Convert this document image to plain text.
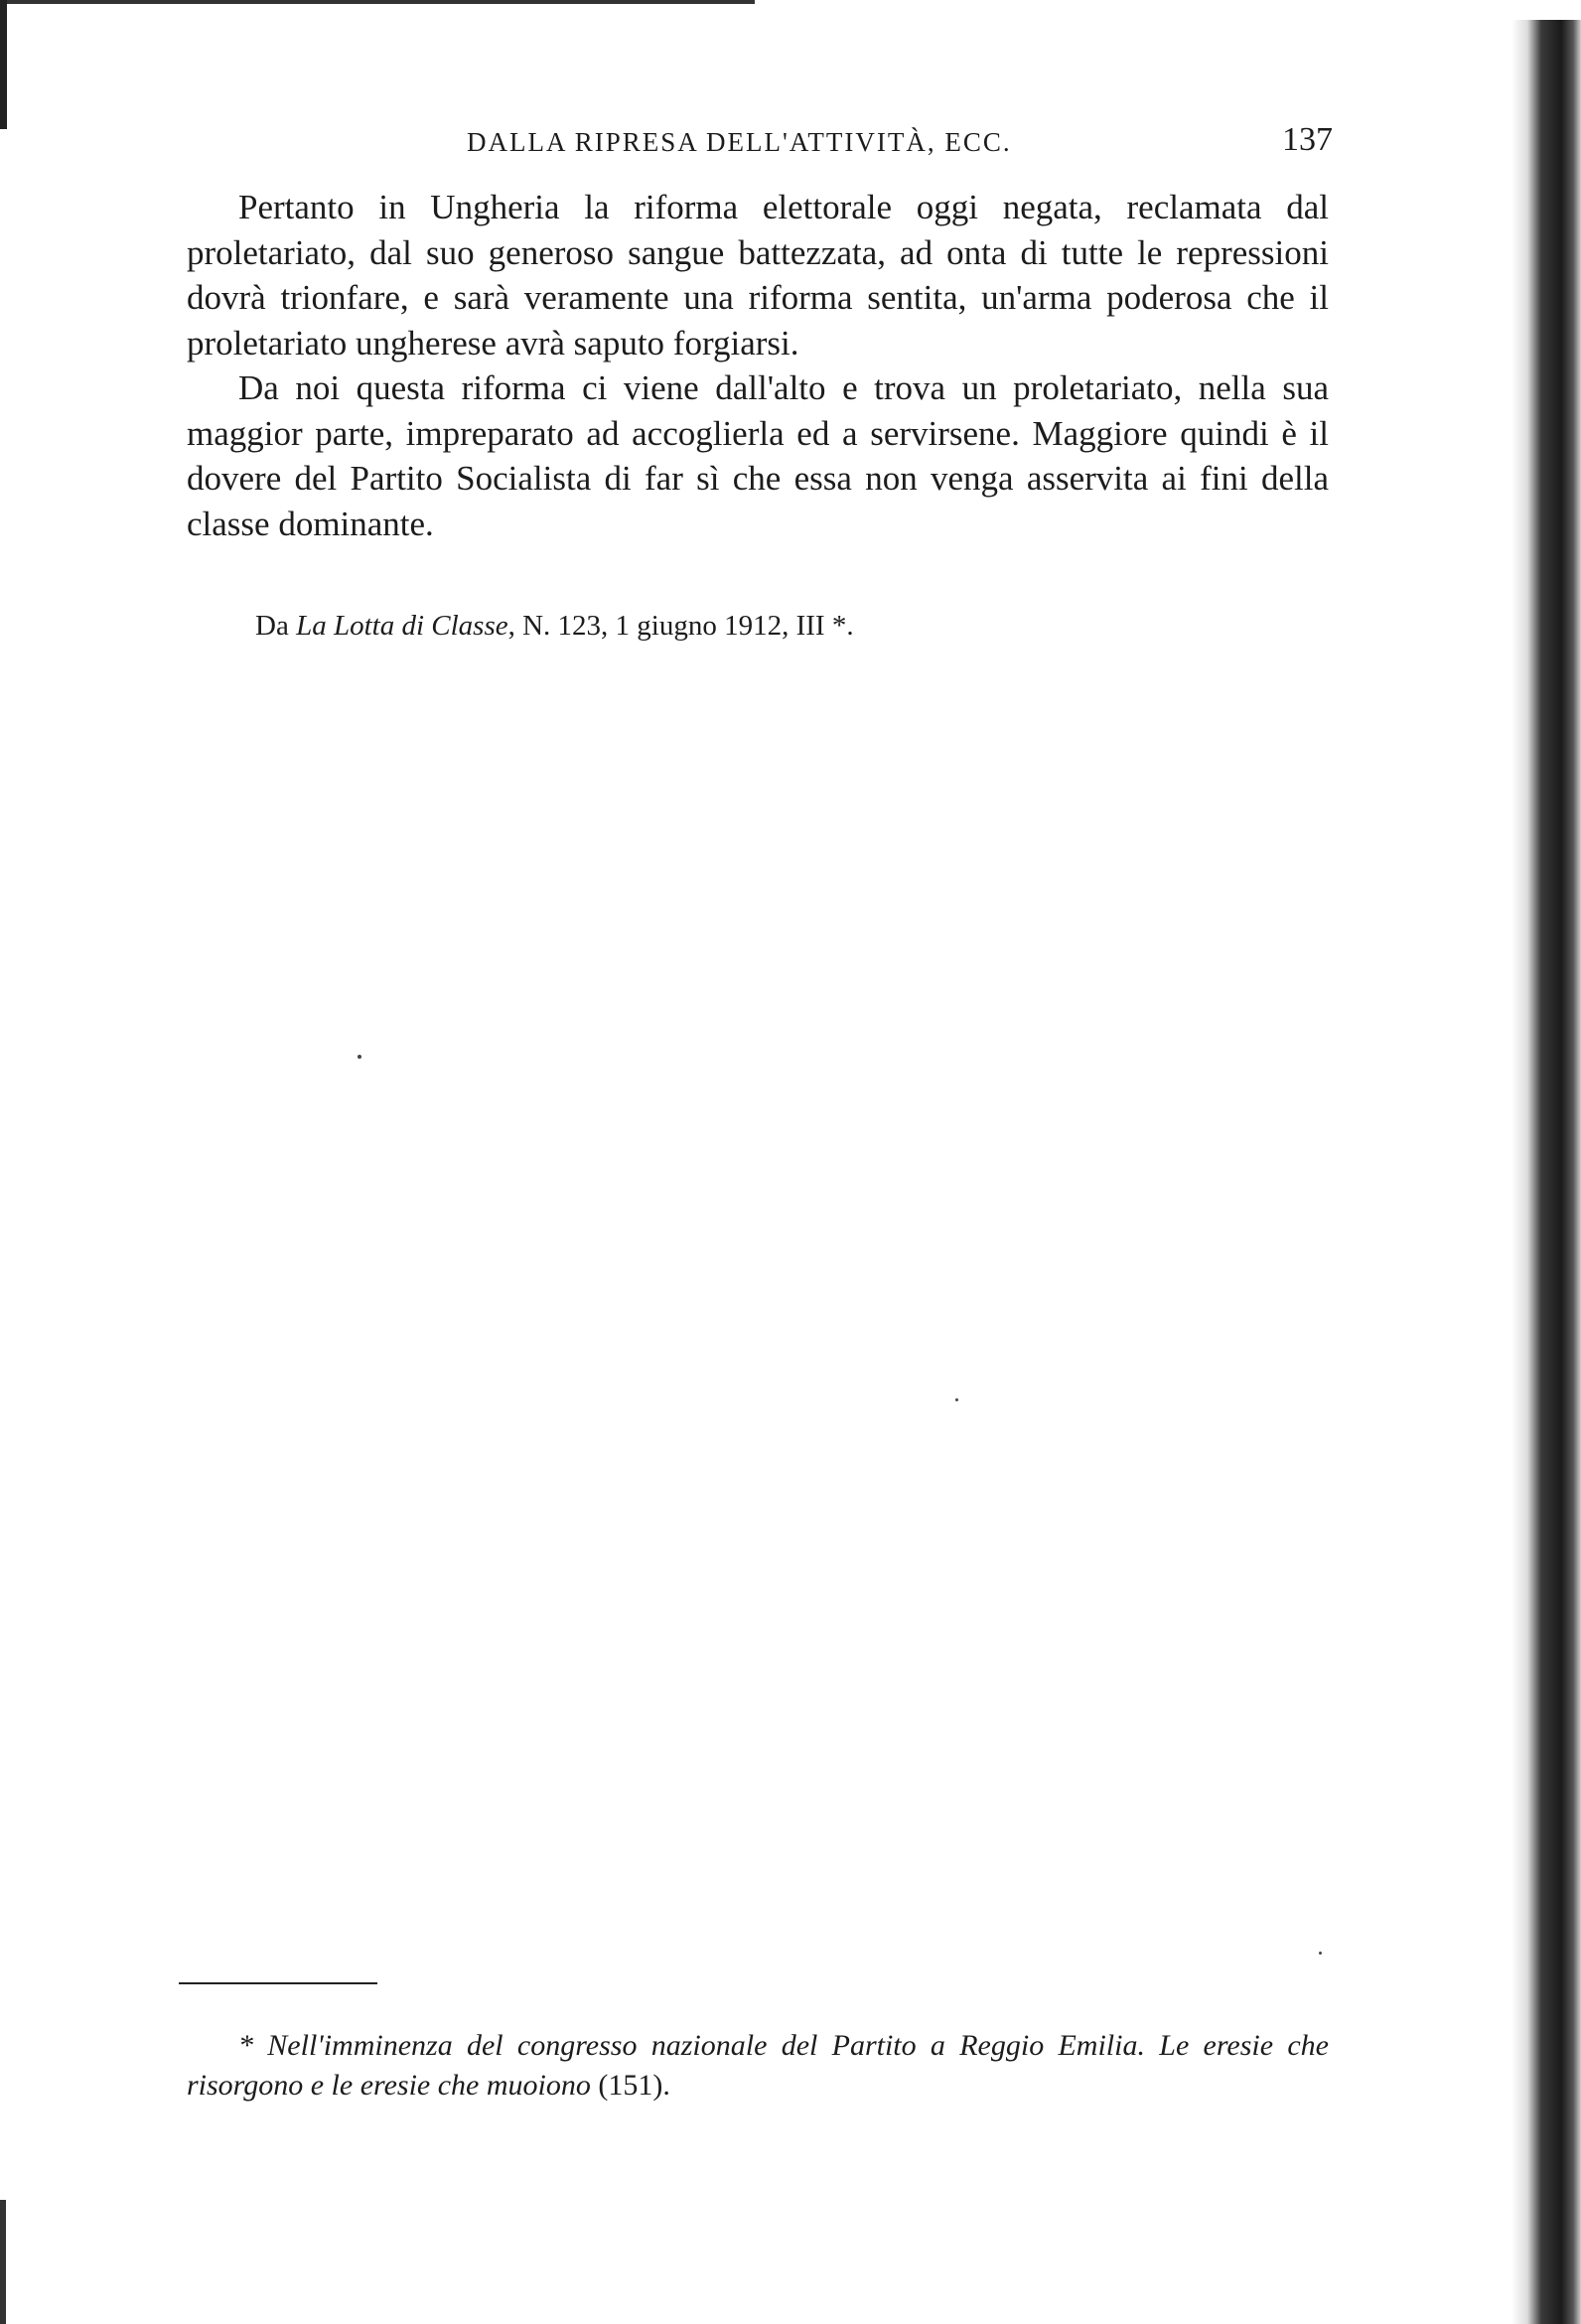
DALLA RIPRESA DELL'ATTIVITÀ, ECC.	137

Pertanto in Ungheria la riforma elettorale oggi negata, reclamata dal proletariato, dal suo generoso sangue battezzata, ad onta di tutte le repressioni dovrà trionfare, e sarà veramente una riforma sentita, un'arma poderosa che il proletariato ungherese avrà saputo forgiarsi.

Da noi questa riforma ci viene dall'alto e trova un proletariato, nella sua maggior parte, impreparato ad accoglierla ed a servirsene. Maggiore quindi è il dovere del Partito Socialista di far sì che essa non venga asservita ai fini della classe dominante.

Da La Lotta di Classe, N. 123, 1 giugno 1912, III *.
* Nell'imminenza del congresso nazionale del Partito a Reggio Emilia. Le eresie che risorgono e le eresie che muoiono (151).
